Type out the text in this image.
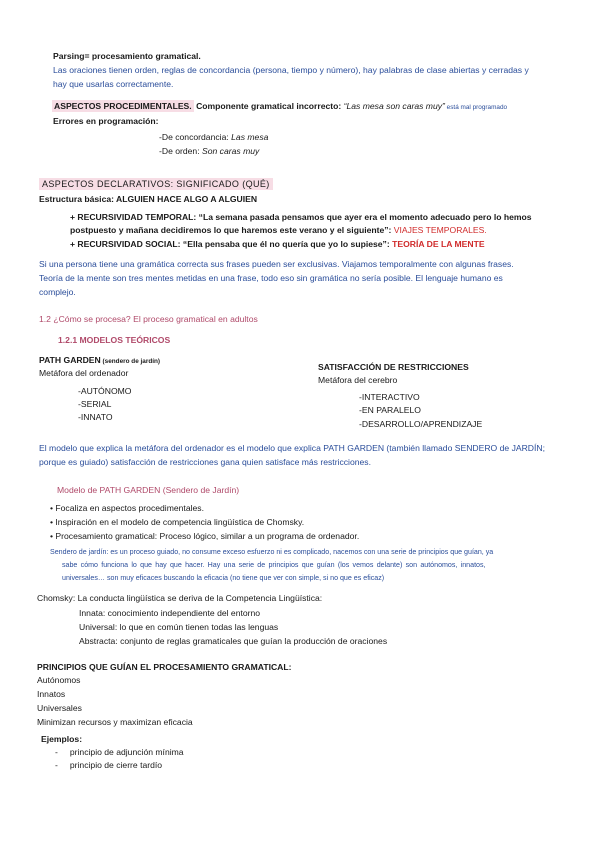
Parsing= procesamiento gramatical.
Las oraciones tienen orden, reglas de concordancia (persona, tiempo y número), hay palabras de clase abiertas y cerradas y
hay que usarlas correctamente.
ASPECTOS PROCEDIMENTALES. Componente gramatical incorrecto: “Las mesa son caras muy” está mal programado
Errores en programación:
-De concordancia: Las mesa
-De orden: Son caras muy
ASPECTOS DECLARATIVOS: SIGNIFICADO (QUÉ)
Estructura básica: ALGUIEN HACE ALGO A ALGUIEN
+ RECURSIVIDAD TEMPORAL: “La semana pasada pensamos que ayer era el momento adecuado pero lo hemos
postpuesto y mañana decidiremos lo que haremos este verano y el siguiente”: VIAJES TEMPORALES.
+ RECURSIVIDAD SOCIAL: “Ella pensaba que él no quería que yo lo supiese”: TEORÍA DE LA MENTE
Si una persona tiene una gramática correcta sus frases pueden ser exclusivas. Viajamos temporalmente con algunas frases.
Teoría de la mente son tres mentes metidas en una frase, todo eso sin gramática no sería posible. El lenguaje humano es
complejo.
1.2 ¿Cómo se procesa? El proceso gramatical en adultos
1.2.1 MODELOS TEÓRICOS
PATH GARDEN (sendero de jardín)
Metáfora del ordenador
-AUTÓNOMO
-SERIAL
-INNATO
SATISFACCIÓN DE RESTRICCIONES
Metáfora del cerebro
-INTERACTIVO
-EN PARALELO
-DESARROLLO/APRENDIZAJE
El modelo que explica la metáfora del ordenador es el modelo que explica PATH GARDEN (también llamado SENDERO de JARDÍN;
porque es guiado) satisfacción de restricciones gana quien satisface más restricciones.
Modelo de PATH GARDEN (Sendero de Jardín)
• Focaliza en aspectos procedimentales.
• Inspiración en el modelo de competencia lingüística de Chomsky.
• Procesamiento gramatical: Proceso lógico, similar a un programa de ordenador.
Sendero de jardín: es un proceso guiado, no consume exceso esfuerzo ni es complicado, nacemos con una serie de principios que guían, ya
sabe cómo funciona lo que hay que hacer. Hay una serie de principios que guían (los vemos delante) son autónomos, innatos,
universales… son muy eficaces buscando la eficacia (no tiene que ver con simple, si no que es eficaz)
Chomsky: La conducta lingüística se deriva de la Competencia Lingüística:
Innata: conocimiento independiente del entorno
Universal: lo que en común tienen todas las lenguas
Abstracta: conjunto de reglas gramaticales que guían la producción de oraciones
PRINCIPIOS QUE GUÍAN EL PROCESAMIENTO GRAMATICAL:
Autónomos
Innatos
Universales
Minimizan recursos y maximizan eficacia
Ejemplos:
- principio de adjunción mínima
- principio de cierre tardío
